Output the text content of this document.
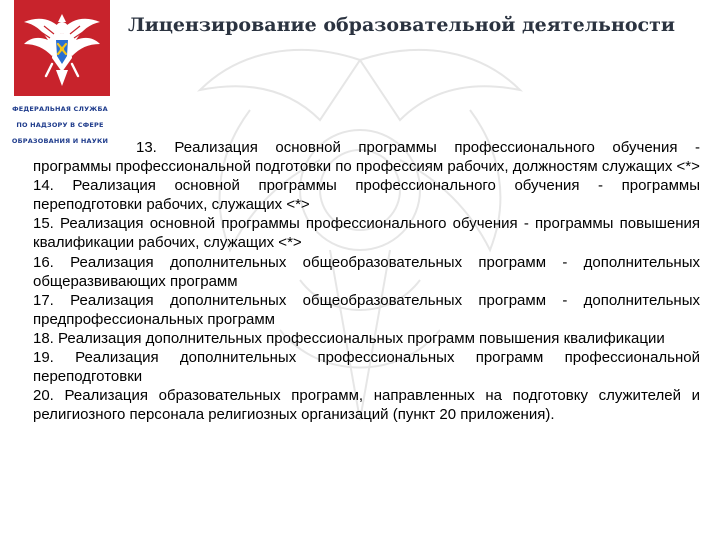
ФЕДЕРАЛЬНАЯ СЛУЖБА
ПО НАДЗОРУ В СФЕРЕ
ОБРАЗОВАНИЯ И НАУКИ
Лицензирование образовательной деятельности

13. Реализация основной программы профессионального обучения - программы профессиональной подготовки по профессиям рабочих, должностям служащих <*>

14. Реализация основной программы профессионального обучения - программы переподготовки рабочих, служащих <*>

15. Реализация основной программы профессионального обучения - программы повышения квалификации рабочих, служащих <*>

16. Реализация дополнительных общеобразовательных программ - дополнительных общеразвивающих программ

17. Реализация дополнительных общеобразовательных программ - дополнительных предпрофессиональных программ

18. Реализация дополнительных профессиональных программ повышения квалификации

19. Реализация дополнительных профессиональных программ профессиональной переподготовки

20. Реализация образовательных программ, направленных на подготовку служителей и религиозного персонала религиозных организаций (пункт 20 приложения).
